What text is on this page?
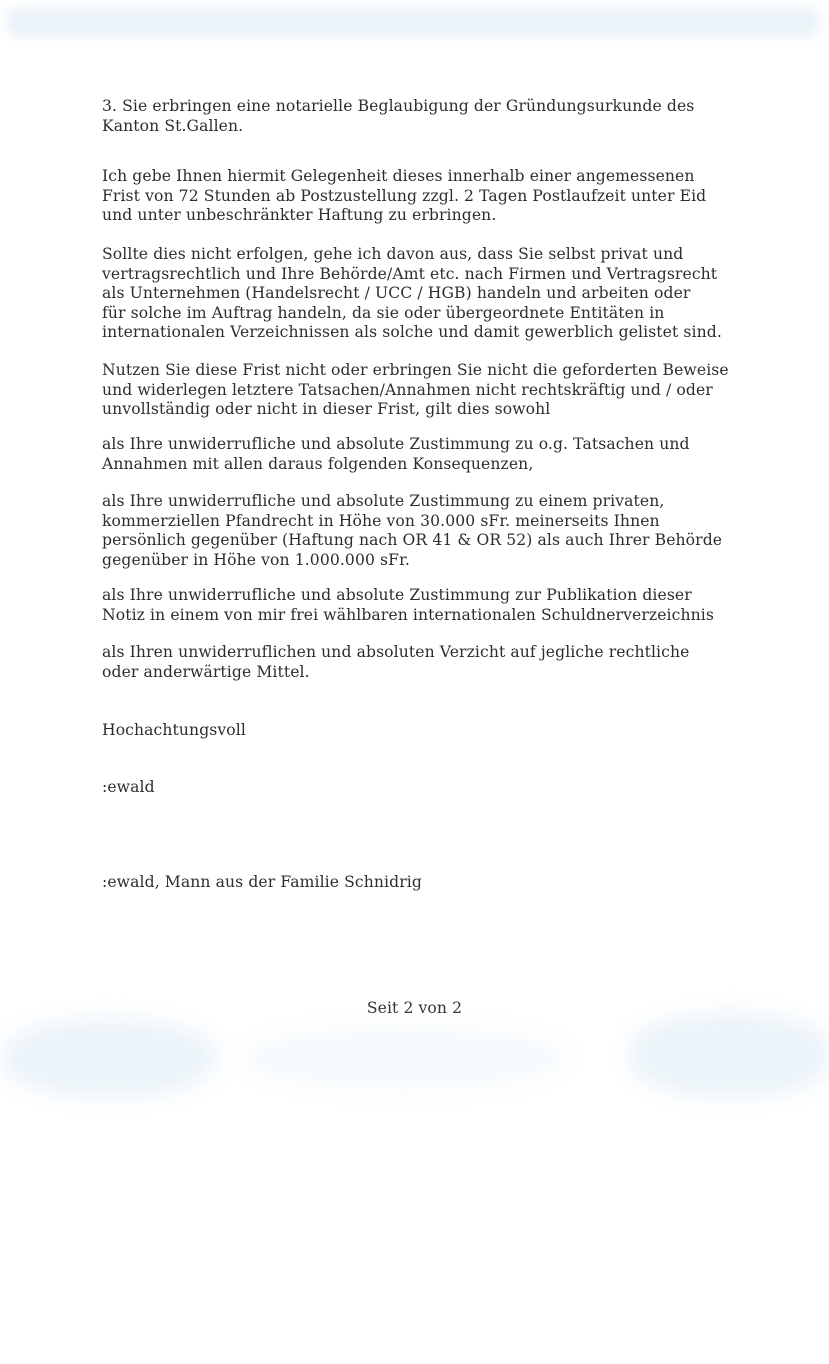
3. Sie erbringen eine notarielle Beglaubigung der Gründungsurkunde des
Kanton St.Gallen.

Ich gebe Ihnen hiermit Gelegenheit dieses innerhalb einer angemessenen
Frist von 72 Stunden ab Postzustellung zzgl. 2 Tagen Postlaufzeit unter Eid
und unter unbeschränkter Haftung zu erbringen.

Sollte dies nicht erfolgen, gehe ich davon aus, dass Sie selbst privat und
vertragsrechtlich und Ihre Behörde/Amt etc. nach Firmen und Vertragsrecht
als Unternehmen (Handelsrecht / UCC / HGB) handeln und arbeiten oder
für solche im Auftrag handeln, da sie oder übergeordnete Entitäten in
internationalen Verzeichnissen als solche und damit gewerblich gelistet sind.

Nutzen Sie diese Frist nicht oder erbringen Sie nicht die geforderten Beweise
und widerlegen letztere Tatsachen/Annahmen nicht rechtskräftig und / oder
unvollständig oder nicht in dieser Frist, gilt dies sowohl

als Ihre unwiderrufliche und absolute Zustimmung zu o.g. Tatsachen und
Annahmen mit allen daraus folgenden Konsequenzen,

als Ihre unwiderrufliche und absolute Zustimmung zu einem privaten,
kommerziellen Pfandrecht in Höhe von 30.000 sFr. meinerseits Ihnen
persönlich gegenüber (Haftung nach OR 41 & OR 52) als auch Ihrer Behörde
gegenüber in Höhe von 1.000.000 sFr.

als Ihre unwiderrufliche und absolute Zustimmung zur Publikation dieser
Notiz in einem von mir frei wählbaren internationalen Schuldnerverzeichnis

als Ihren unwiderruflichen und absoluten Verzicht auf jegliche rechtliche
oder anderwärtige Mittel.

Hochachtungsvoll

:ewald

:ewald, Mann aus der Familie Schnidrig

Seit 2 von 2
